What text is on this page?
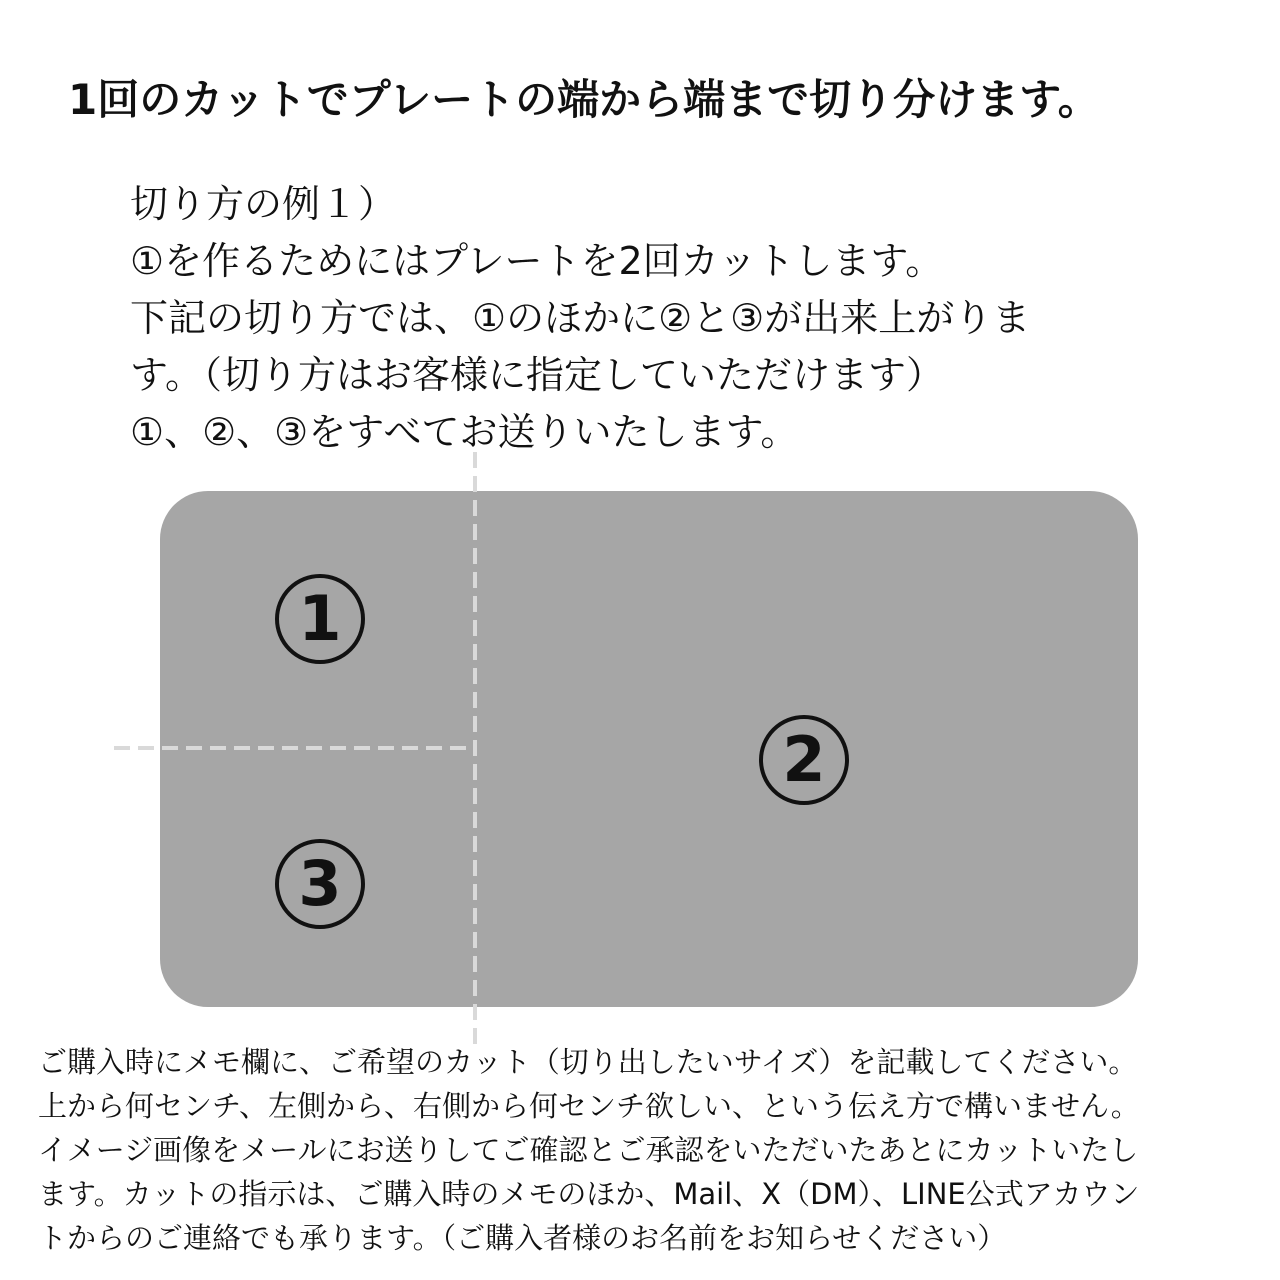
1回のカットでプレートの端から端まで切り分けます。
切り方の例１）
①を作るためにはプレートを2回カットします。
下記の切り方では、①のほかに②と③が出来上がりま
す。（切り方はお客様に指定していただけます）
①、②、③をすべてお送りいたします。
1
2
3
ご購入時にメモ欄に、ご希望のカット（切り出したいサイズ）を記載してください。
上から何センチ、左側から、右側から何センチ欲しい、という伝え方で構いません。
イメージ画像をメールにお送りしてご確認とご承認をいただいたあとにカットいたし
ます。カットの指示は、ご購入時のメモのほか、Mail、X（DM）、LINE公式アカウン
トからのご連絡でも承ります。（ご購入者様のお名前をお知らせください）
